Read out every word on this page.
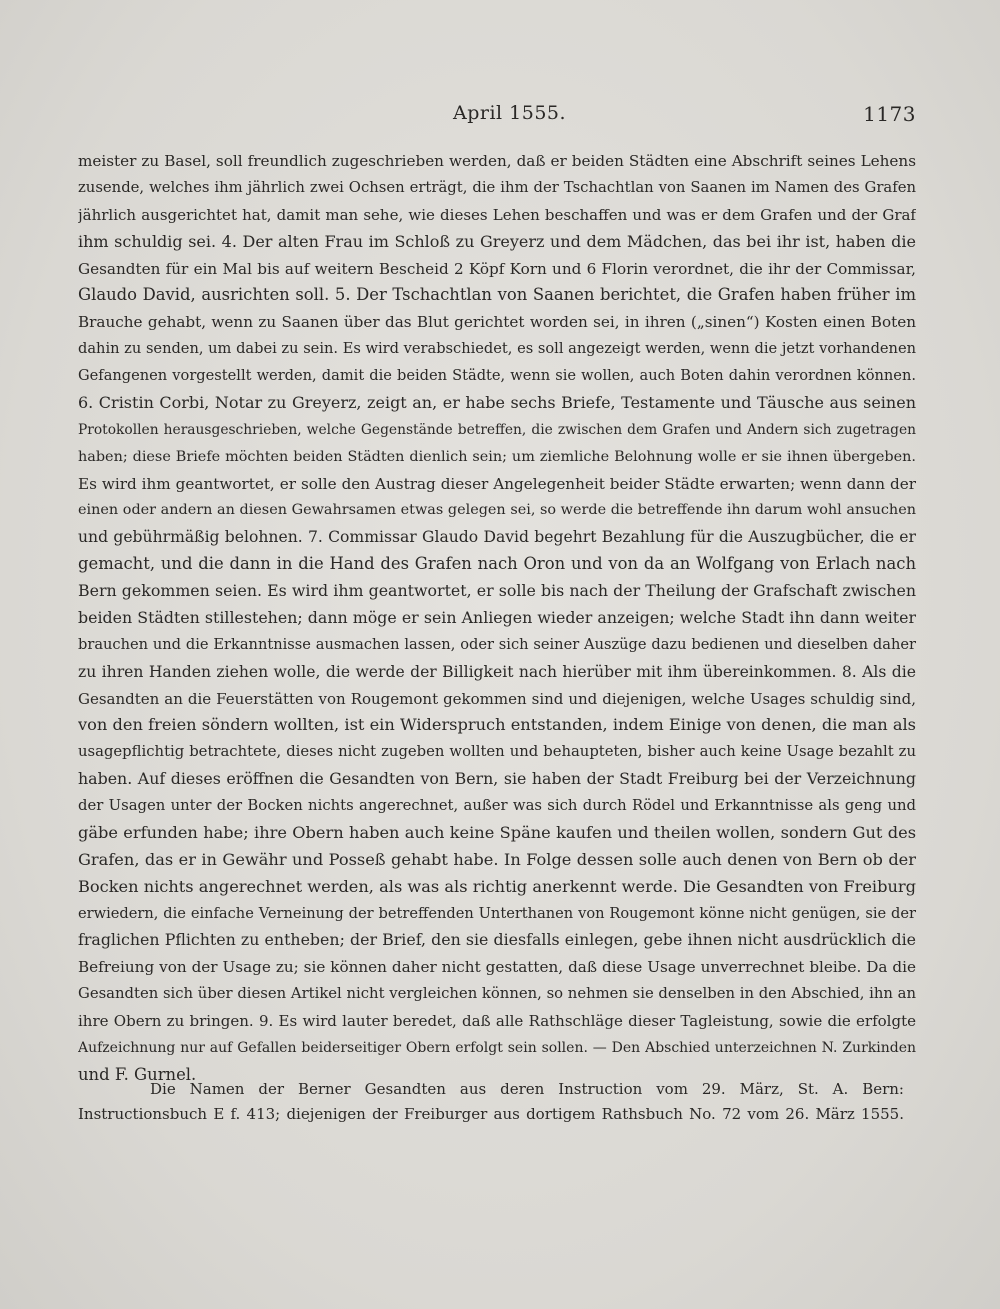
April 1555.	1173
meister zu Basel, soll freundlich zugeschrieben werden, daß er beiden Städten eine Abschrift seines Lehens
zusende, welches ihm jährlich zwei Ochsen erträgt, die ihm der Tschachtlan von Saanen im Namen des Grafen
jährlich ausgerichtet hat, damit man sehe, wie dieses Lehen beschaffen und was er dem Grafen und der Graf
ihm schuldig sei. 4. Der alten Frau im Schloß zu Greyerz und dem Mädchen, das bei ihr ist, haben die
Gesandten für ein Mal bis auf weitern Bescheid 2 Köpf Korn und 6 Florin verordnet, die ihr der Commissar,
Glaudo David, ausrichten soll. 5. Der Tschachtlan von Saanen berichtet, die Grafen haben früher im
Brauche gehabt, wenn zu Saanen über das Blut gerichtet worden sei, in ihren („sinen“) Kosten einen Boten
dahin zu senden, um dabei zu sein. Es wird verabschiedet, es soll angezeigt werden, wenn die jetzt vorhandenen
Gefangenen vorgestellt werden, damit die beiden Städte, wenn sie wollen, auch Boten dahin verordnen können.
6. Cristin Corbi, Notar zu Greyerz, zeigt an, er habe sechs Briefe, Testamente und Täusche aus seinen
Protokollen herausgeschrieben, welche Gegenstände betreffen, die zwischen dem Grafen und Andern sich zugetragen
haben; diese Briefe möchten beiden Städten dienlich sein; um ziemliche Belohnung wolle er sie ihnen übergeben.
Es wird ihm geantwortet, er solle den Austrag dieser Angelegenheit beider Städte erwarten; wenn dann der
einen oder andern an diesen Gewahrsamen etwas gelegen sei, so werde die betreffende ihn darum wohl ansuchen
und gebührmäßig belohnen. 7. Commissar Glaudo David begehrt Bezahlung für die Auszugbücher, die er
gemacht, und die dann in die Hand des Grafen nach Oron und von da an Wolfgang von Erlach nach
Bern gekommen seien. Es wird ihm geantwortet, er solle bis nach der Theilung der Grafschaft zwischen
beiden Städten stillestehen; dann möge er sein Anliegen wieder anzeigen; welche Stadt ihn dann weiter
brauchen und die Erkanntnisse ausmachen lassen, oder sich seiner Auszüge dazu bedienen und dieselben daher
zu ihren Handen ziehen wolle, die werde der Billigkeit nach hierüber mit ihm übereinkommen. 8. Als die
Gesandten an die Feuerstätten von Rougemont gekommen sind und diejenigen, welche Usages schuldig sind,
von den freien söndern wollten, ist ein Widerspruch entstanden, indem Einige von denen, die man als
usagepflichtig betrachtete, dieses nicht zugeben wollten und behaupteten, bisher auch keine Usage bezahlt zu
haben. Auf dieses eröffnen die Gesandten von Bern, sie haben der Stadt Freiburg bei der Verzeichnung
der Usagen unter der Bocken nichts angerechnet, außer was sich durch Rödel und Erkanntnisse als geng und
gäbe erfunden habe; ihre Obern haben auch keine Späne kaufen und theilen wollen, sondern Gut des
Grafen, das er in Gewähr und Posseß gehabt habe. In Folge dessen solle auch denen von Bern ob der
Bocken nichts angerechnet werden, als was als richtig anerkennt werde. Die Gesandten von Freiburg
erwiedern, die einfache Verneinung der betreffenden Unterthanen von Rougemont könne nicht genügen, sie der
fraglichen Pflichten zu entheben; der Brief, den sie diesfalls einlegen, gebe ihnen nicht ausdrücklich die
Befreiung von der Usage zu; sie können daher nicht gestatten, daß diese Usage unverrechnet bleibe. Da die
Gesandten sich über diesen Artikel nicht vergleichen können, so nehmen sie denselben in den Abschied, ihn an
ihre Obern zu bringen. 9. Es wird lauter beredet, daß alle Rathschläge dieser Tagleistung, sowie die erfolgte
Aufzeichnung nur auf Gefallen beiderseitiger Obern erfolgt sein sollen. — Den Abschied unterzeichnen N. Zurkinden
und F. Gurnel.
Die Namen der Berner Gesandten aus deren Instruction vom 29. März, St. A. Bern:
Instructionsbuch E f. 413; diejenigen der Freiburger aus dortigem Rathsbuch No. 72 vom 26. März 1555.
